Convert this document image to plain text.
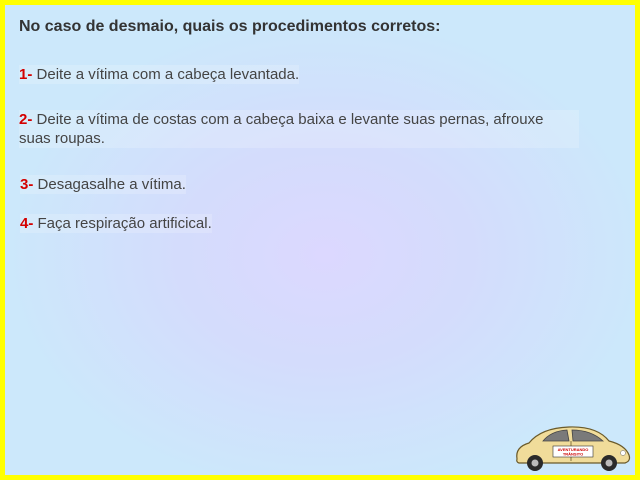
No caso de desmaio, quais os procedimentos corretos:

1- Deite a vítima com a cabeça levantada.

2- Deite a vítima de costas com a cabeça baixa e levante suas pernas, afrouxe suas roupas.

3- Desagasalhe a vítima.

4- Faça respiração artificical.

AVENTURANDO
TRÂNSITO
